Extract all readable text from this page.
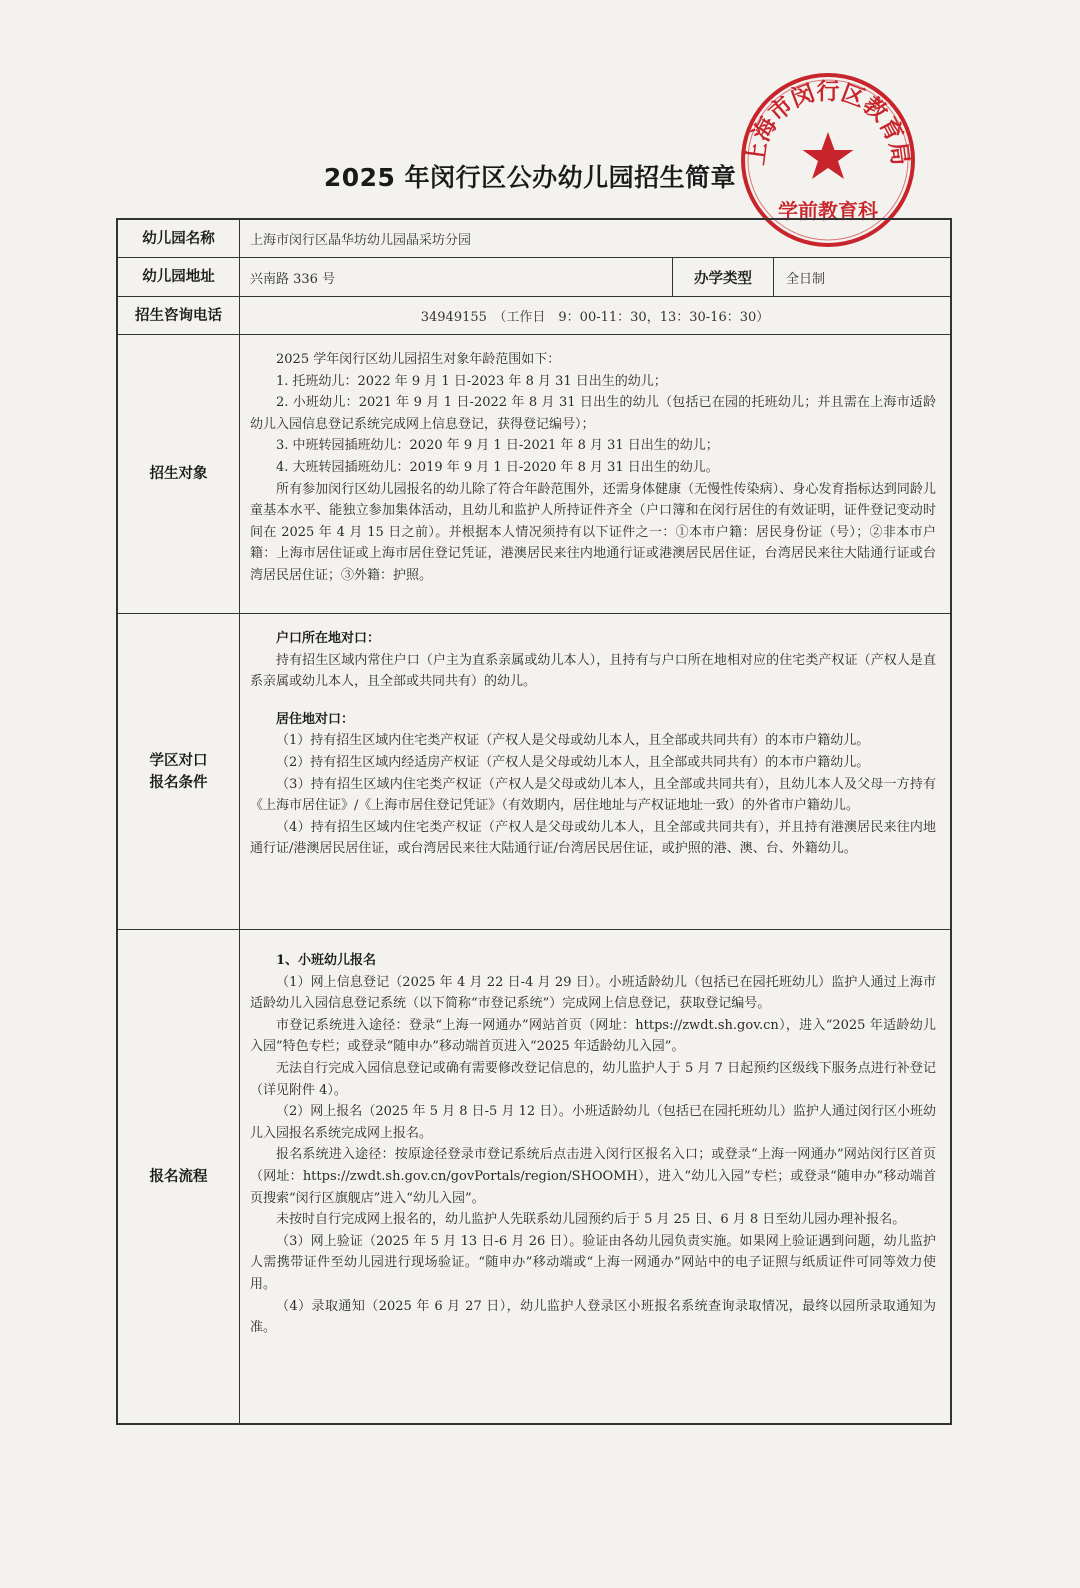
2025 年闵行区公办幼儿园招生简章
上海市闵行区教育局
学前教育科
幼儿园名称	上海市闵行区晶华坊幼儿园晶采坊分园
幼儿园地址	兴南路 336 号	办学类型	全日制
招生咨询电话	34949155　（工作日　9：00-11：30，13：30-16：30）
招生对象

2025 学年闵行区幼儿园招生对象年龄范围如下：

1. 托班幼儿：2022 年 9 月 1 日-2023 年 8 月 31 日出生的幼儿；

2. 小班幼儿：2021 年 9 月 1 日-2022 年 8 月 31 日出生的幼儿（包括已在园的托班幼儿；并且需在上海市适龄幼儿入园信息登记系统完成网上信息登记，获得登记编号）；

3. 中班转园插班幼儿：2020 年 9 月 1 日-2021 年 8 月 31 日出生的幼儿；

4. 大班转园插班幼儿：2019 年 9 月 1 日-2020 年 8 月 31 日出生的幼儿。

所有参加闵行区幼儿园报名的幼儿除了符合年龄范围外，还需身体健康（无慢性传染病）、身心发育指标达到同龄儿童基本水平、能独立参加集体活动，且幼儿和监护人所持证件齐全（户口簿和在闵行居住的有效证明，证件登记变动时间在 2025 年 4 月 15 日之前）。并根据本人情况须持有以下证件之一：①本市户籍：居民身份证（号）；②非本市户籍：上海市居住证或上海市居住登记凭证，港澳居民来往内地通行证或港澳居民居住证，台湾居民来往大陆通行证或台湾居民居住证；③外籍：护照。

学区对口
报名条件

户口所在地对口：

持有招生区域内常住户口（户主为直系亲属或幼儿本人），且持有与户口所在地相对应的住宅类产权证（产权人是直系亲属或幼儿本人，且全部或共同共有）的幼儿。

居住地对口：

（1）持有招生区域内住宅类产权证（产权人是父母或幼儿本人，且全部或共同共有）的本市户籍幼儿。

（2）持有招生区域内经适房产权证（产权人是父母或幼儿本人，且全部或共同共有）的本市户籍幼儿。

（3）持有招生区域内住宅类产权证（产权人是父母或幼儿本人，且全部或共同共有），且幼儿本人及父母一方持有《上海市居住证》/《上海市居住登记凭证》（有效期内，居住地址与产权证地址一致）的外省市户籍幼儿。

（4）持有招生区域内住宅类产权证（产权人是父母或幼儿本人，且全部或共同共有），并且持有港澳居民来往内地通行证/港澳居民居住证，或台湾居民来往大陆通行证/台湾居民居住证，或护照的港、澳、台、外籍幼儿。

报名流程

1、小班幼儿报名

（1）网上信息登记（2025 年 4 月 22 日-4 月 29 日）。小班适龄幼儿（包括已在园托班幼儿）监护人通过上海市适龄幼儿入园信息登记系统（以下简称“市登记系统”）完成网上信息登记，获取登记编号。

市登记系统进入途径：登录“上海一网通办”网站首页（网址：https://zwdt.sh.gov.cn），进入“2025 年适龄幼儿入园”特色专栏；或登录“随申办”移动端首页进入“2025 年适龄幼儿入园”。

无法自行完成入园信息登记或确有需要修改登记信息的，幼儿监护人于 5 月 7 日起预约区级线下服务点进行补登记（详见附件 4）。

（2）网上报名（2025 年 5 月 8 日-5 月 12 日）。小班适龄幼儿（包括已在园托班幼儿）监护人通过闵行区小班幼儿入园报名系统完成网上报名。

报名系统进入途径：按原途径登录市登记系统后点击进入闵行区报名入口；或登录“上海一网通办”网站闵行区首页（网址：https://zwdt.sh.gov.cn/govPortals/region/SHOOMH），进入“幼儿入园”专栏；或登录“随申办”移动端首页搜索“闵行区旗舰店”进入“幼儿入园”。

未按时自行完成网上报名的，幼儿监护人先联系幼儿园预约后于 5 月 25 日、6 月 8 日至幼儿园办理补报名。

（3）网上验证（2025 年 5 月 13 日-6 月 26 日）。验证由各幼儿园负责实施。如果网上验证遇到问题，幼儿监护人需携带证件至幼儿园进行现场验证。“随申办”移动端或“上海一网通办”网站中的电子证照与纸质证件可同等效力使用。

（4）录取通知（2025 年 6 月 27 日），幼儿监护人登录区小班报名系统查询录取情况，最终以园所录取通知为准。
